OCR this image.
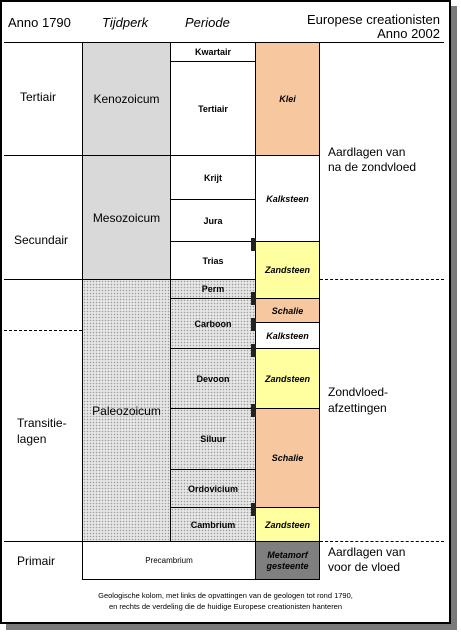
Anno 1790 Tijdperk	Periode	Europese creationisten
Anno 2002
Kenozoicum
Mesozoicum
Paleozoicum
Kwartair
Tertiair
Krijt
Jura
Trias
Perm
Carboon
Devoon
Siluur
Ordovicium
Cambrium
Precambrium
Klei
Kalksteen
Zandsteen
Schalie
Kalksteen
Zandsteen
Schalie
Zandsteen
Metamorf
gesteente
Tertiair
Secundair
Transitie-
lagen
Primair
Aardlagen van
na de zondvloed
Zondvloed-
afzettingen
Aardlagen van
voor de vloed
Geologische kolom, met links de opvattingen van de geologen tot rond 1790,
en rechts de verdeling die de huidige Europese creationisten hanteren
